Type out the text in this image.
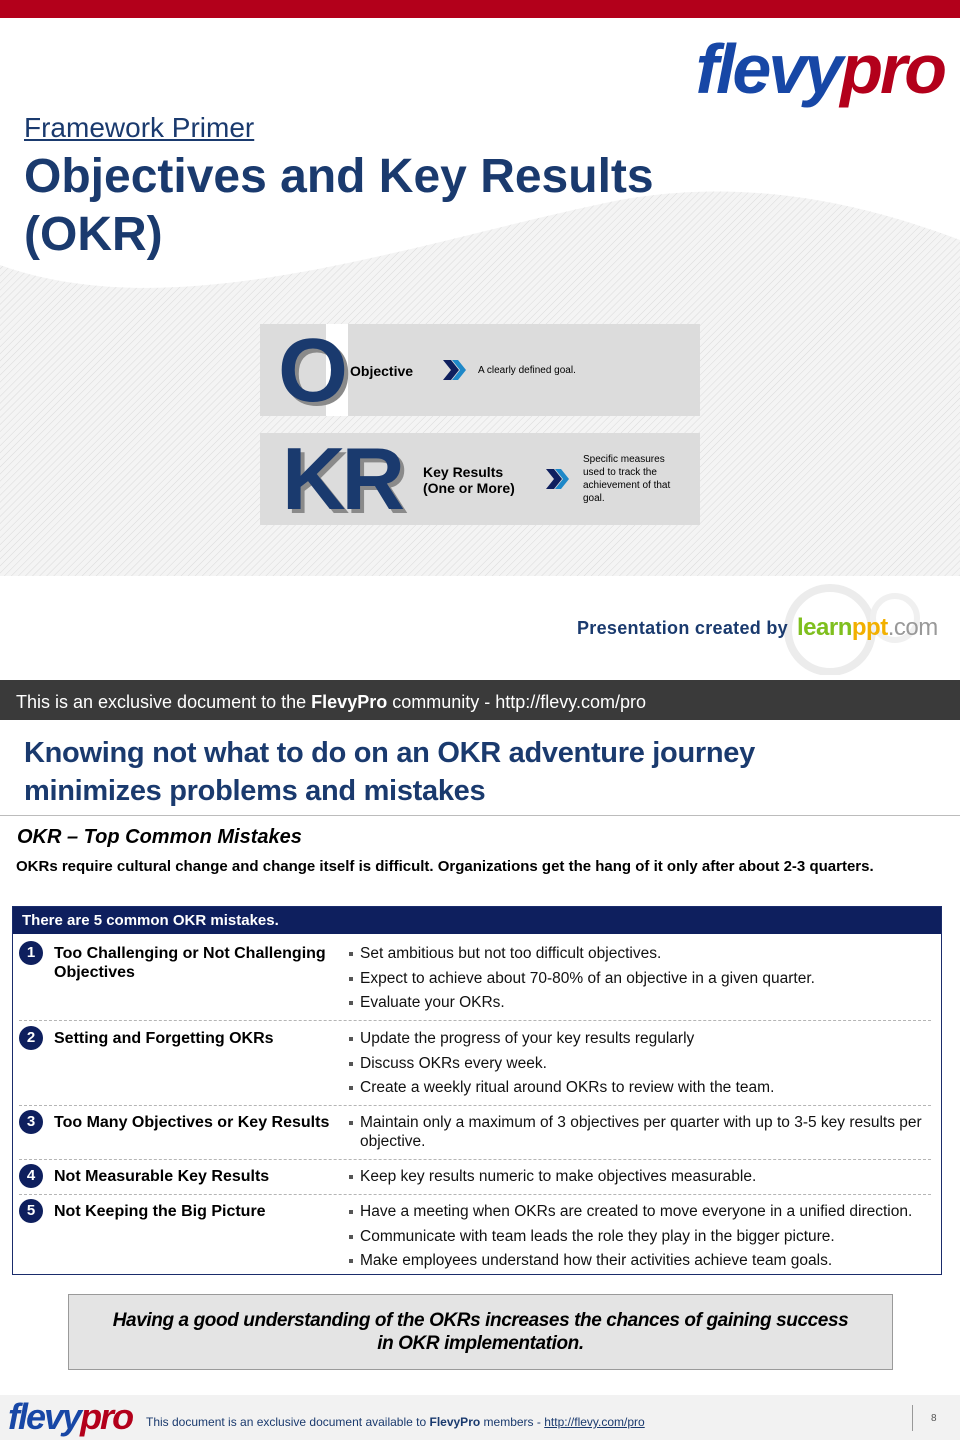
flevypro
Framework Primer
Objectives and Key Results (OKR)
O Objective	A clearly defined goal.
KR Key Results
(One or More)
Specific measures used to track the achievement of that goal.
Presentation created by learnppt.com
This is an exclusive document to the FlevyPro community - http://flevy.com/pro
Knowing not what to do on an OKR adventure journey minimizes problems and mistakes
OKR – Top Common Mistakes

OKRs require cultural change and change itself is difficult. Organizations get the hang of it only after about 2-3 quarters.

There are 5 common OKR mistakes.
1	Too Challenging or Not Challenging Objectives
Set ambitious but not too difficult objectives.
Expect to achieve about 70-80% of an objective in a given quarter.
Evaluate your OKRs.
2	Setting and Forgetting OKRs	Update the progress of your key results regularly
Discuss OKRs every week.
Create a weekly ritual around OKRs to review with the team.
3	Too Many Objectives or Key Results	Maintain only a maximum of 3 objectives per quarter with up to 3-5 key results per objective.
4	Not Measurable Key Results	Keep key results numeric to make objectives measurable.
5	Not Keeping the Big Picture	Have a meeting when OKRs are created to move everyone in a unified direction.
Communicate with team leads the role they play in the bigger picture.
Make employees understand how their activities achieve team goals.
Having a good understanding of the OKRs increases the chances of gaining success in OKR implementation.
flevypro This document is an exclusive document available to FlevyPro members - http://flevy.com/pro	8
